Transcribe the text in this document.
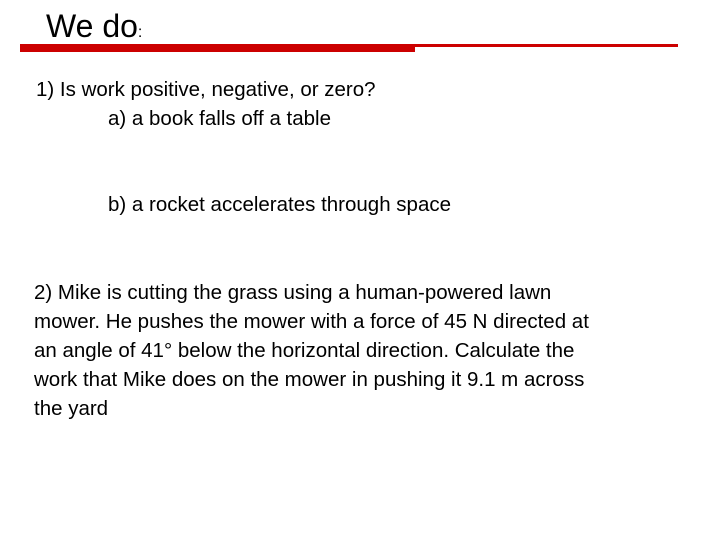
We do:
1) Is work positive, negative, or zero?
a) a book falls off a table
b) a rocket accelerates through space
2) Mike is cutting the grass using a human-powered lawn
mower. He pushes the mower with a force of 45 N directed at
an angle of 41° below the horizontal direction. Calculate the
work that Mike does on the mower in pushing it 9.1 m across
the yard
